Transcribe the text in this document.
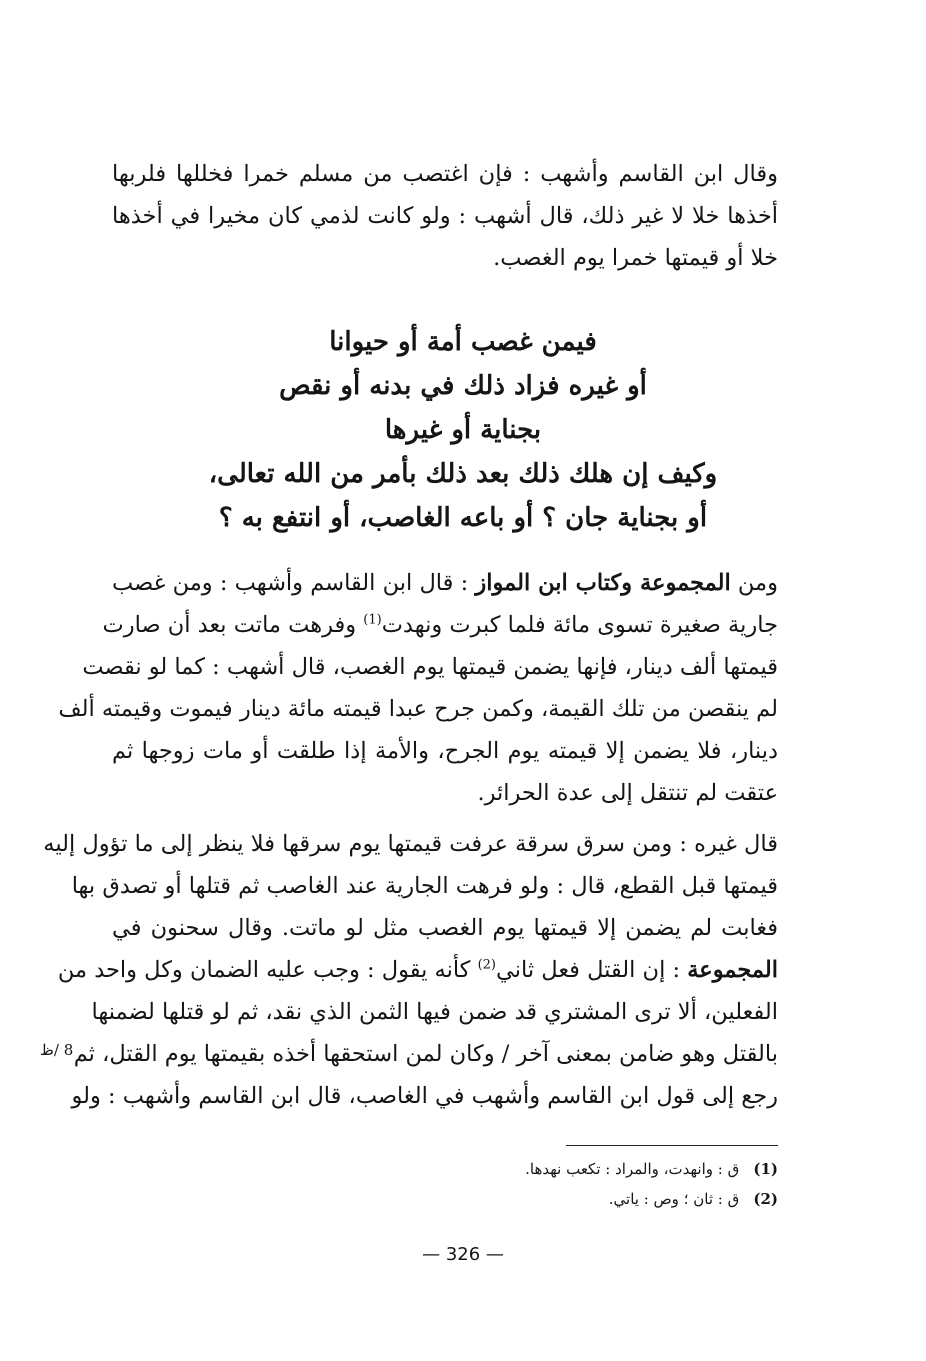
وقال ابن القاسم وأشهب : فإن اغتصب من مسلم خمرا فخللها فلربها
أخذها خلا لا غير ذلك، قال أشهب : ولو كانت لذمي كان مخيرا في أخذها
خلا أو قيمتها خمرا يوم الغصب.
فيمن غصب أمة أو حيوانا
أو غيره فزاد ذلك في بدنه أو نقص
بجناية أو غيرها
وكيف إن هلك ذلك بعد ذلك بأمر من الله تعالى،
أو بجناية جان ؟ أو باعه الغاصب، أو انتفع به ؟
ومن المجموعة وكتاب ابن المواز : قال ابن القاسم وأشهب : ومن غصب
جارية صغيرة تسوى مائة فلما كبرت ونهدت$^{(1)}$ وفرهت ماتت بعد أن صارت
قيمتها ألف دينار، فإنها يضمن قيمتها يوم الغصب، قال أشهب : كما لو نقصت
لم ينقصن من تلك القيمة، وكمن جرح عبدا قيمته مائة دينار فيموت وقيمته ألف
دينار، فلا يضمن إلا قيمته يوم الجرح، والأمة إذا طلقت أو مات زوجها ثم
عتقت لم تنتقل إلى عدة الحرائر.
قال غيره : ومن سرق سرقة عرفت قيمتها يوم سرقها فلا ينظر إلى ما تؤول إليه
قيمتها قبل القطع، قال : ولو فرهت الجارية عند الغاصب ثم قتلها أو تصدق بها
فغابت لم يضمن إلا قيمتها يوم الغصب مثل لو ماتت. وقال سحنون في
المجموعة : إن القتل فعل ثاني$^{(2)}$ كأنه يقول : وجب عليه الضمان وكل واحد من
الفعلين، ألا ترى المشتري قد ضمن فيها الثمن الذي نقد، ثم لو قتلها لضمنها
بالقتل وهو ضامن بمعنى آخر / وكان لمن استحقها أخذه بقيمتها يوم القتل، ثم
رجع إلى قول ابن القاسم وأشهب في الغاصب، قال ابن القاسم وأشهب : ولو
8 /ظ
(1) ق : وانهدت، والمراد : تكعب نهدها.
(2) ق : ثان ؛ وص : ياتي.
— 326 —
